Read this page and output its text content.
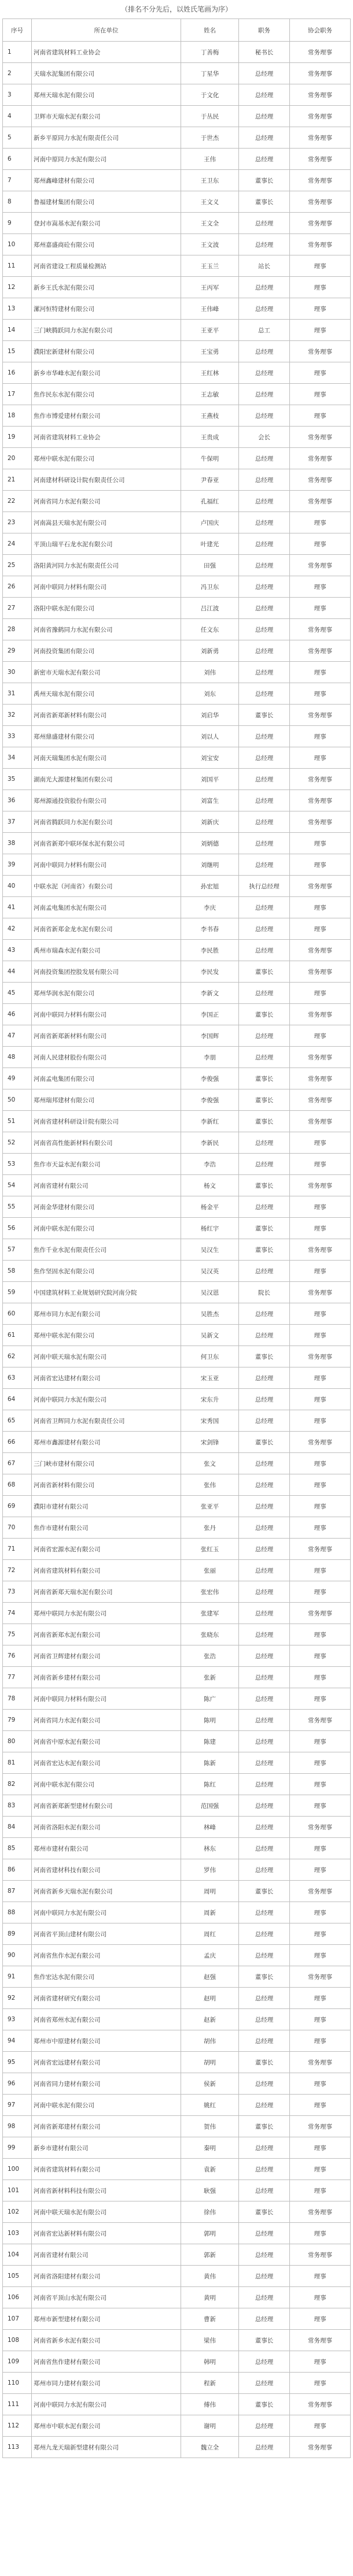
（排名不分先后，以姓氏笔画为序）
序号	所在单位	姓名	职务	协会职务
1	河南省建筑材料工业协会	丁善梅	秘书长	常务理事
2	天瑞水泥集团有限公司	丁星华	总经理	常务理事
3	郑州天瑞水泥有限公司	于文化	总经理	常务理事
4	卫辉市天瑞水泥有限公司	于丛民	总经理	常务理事
5	新乡平原同力水泥有限责任公司	于世杰	总经理	常务理事
6	河南中原同力水泥有限公司	王伟	总经理	常务理事
7	郑州鑫峰建材有限公司	王卫东	董事长	常务理事
8	鲁福建材集团有限公司	王文义	董事长	常务理事
9	登封市嵩基水泥有限公司	王文全	总经理	常务理事
10	郑州嘉盛商砼有限公司	王文波	总经理	常务理事
11	河南省建设工程质量检测站	王玉兰	站长	理事
12	新乡王氏水泥有限公司	王丙军	总经理	理事
13	漯河恒特建材有限公司	王伟峰	总经理	理事
14	三门峡腾跃同力水泥有限公司	王亚平	总工	理事
15	濮阳宏新建材有限公司	王宝勇	总经理	常务理事
16	新乡市华峰水泥有限公司	王红林	总经理	理事
17	焦作民东水泥有限公司	王志敏	总经理	理事
18	焦作市博爱建材有限公司	王燕枝	总经理	理事
19	河南省建筑材料工业协会	王贵成	会长	常务理事
20	郑州中联水泥有限公司	牛保明	总经理	常务理事
21	河南建材科研设计院有限责任公司	尹春亚	总经理	常务理事
22	河南省同力水泥有限公司	孔福红	总经理	常务理事
23	河南嵩县天瑞水泥有限公司	卢国庆	总经理	理事
24	平顶山瑞平石龙水泥有限公司	叶建光	总经理	理事
25	洛阳黄河同力水泥有限责任公司	田强	总经理	常务理事
26	河南中联同力材料有限公司	冯卫东	总经理	理事
27	洛阳中联水泥有限公司	吕江波	总经理	理事
28	河南省豫鹤同力水泥有限公司	任文东	总经理	常务理事
29	河南投资集团有限公司	刘新勇	总经理	常务理事
30	新密市天瑞水泥有限公司	刘伟	总经理	理事
31	禹州天瑞水泥有限公司	刘东	总经理	理事
32	河南省新郑新材料有限公司	刘启华	董事长	常务理事
33	郑州鼎盛建材有限公司	刘以人	总经理	理事
34	河南天瑞集团水泥有限公司	刘宝安	总经理	理事
35	湖南光大源建材集团有限公司	刘国平	总经理	常务理事
36	郑州源通投资股份有限公司	刘富生	总经理	常务理事
37	河南省腾跃同力水泥有限公司	刘新庆	总经理	常务理事
38	河南省新郑中联环保水泥有限公司	刘炳德	总经理	理事
39	河南中联同力材料有限公司	刘继明	总经理	理事
40	中联水泥（河南省）有限公司	孙宏旭	执行总经理	常务理事
41	河南孟电集团水泥有限公司	李庆	总经理	理事
42	河南省新郑金龙水泥有限公司	李书春	总经理	理事
43	禹州市瑞森水泥有限公司	李民胜	总经理	常务理事
44	河南投资集团控股发展有限公司	李民发	董事长	常务理事
45	郑州华润水泥有限公司	李新文	总经理	理事
46	河南中联同力材料有限公司	李国正	董事长	常务理事
47	河南省新郑新材料有限公司	李国辉	总经理	理事
48	河南人民建材股份有限公司	李朋	总经理	常务理事
49	河南孟电集团有限公司	李俊强	董事长	常务理事
50	郑州瑞邦建材有限公司	李俊强	董事长	常务理事
51	河南省建材科研设计院有限公司	李新红	董事长	常务理事
52	河南省高性能新材料有限公司	李新民	总经理	理事
53	焦作市天益水泥有限公司	李浩	总经理	理事
54	河南省建材有限公司	杨文	董事长	常务理事
55	河南金华建材有限公司	杨金平	总经理	理事
56	河南中联水泥有限公司	杨红宇	董事长	理事
57	焦作千业水泥有限责任公司	吴汉生	董事长	常务理事
58	焦作坚固水泥有限公司	吴汉英	总经理	理事
59	中国建筑材料工业规划研究院河南分院	吴汉恩	院长	常务理事
60	郑州市同力水泥有限公司	吴胜杰	总经理	理事
61	郑州中联水泥有限公司	吴新文	总经理	理事
62	河南中联天瑞水泥有限公司	何卫东	董事长	常务理事
63	河南省宏达建材有限公司	宋玉亚	总经理	理事
64	河南中联同力水泥有限公司	宋东升	总经理	理事
65	河南省卫辉同力水泥有限责任公司	宋秀国	总经理	理事
66	郑州市鑫源建材有限公司	宋剑锋	董事长	常务理事
67	三门峡市建材有限公司	张文	总经理	理事
68	河南省新材料有限公司	张伟	总经理	理事
69	濮阳市建材有限公司	张亚平	总经理	理事
70	焦作市建材有限公司	张丹	总经理	理事
71	河南省宏源水泥有限公司	张红玉	总经理	常务理事
72	河南省建筑材料有限公司	张丽	总经理	理事
73	河南省新郑天瑞水泥有限公司	张宏伟	总经理	理事
74	郑州中联同力水泥有限公司	张建军	总经理	常务理事
75	河南省新郑水泥有限公司	张晓东	总经理	理事
76	河南省卫辉建材有限公司	张浩	总经理	理事
77	河南省新乡建材有限公司	张新	总经理	理事
78	河南中联同力材料有限公司	陈广	总经理	理事
79	河南省同力水泥有限公司	陈明	总经理	常务理事
80	河南省中原水泥有限公司	陈建	总经理	理事
81	河南省宏达水泥有限公司	陈新	总经理	理事
82	河南中联水泥有限公司	陈红	总经理	理事
83	河南省新郑新型建材有限公司	范国强	总经理	理事
84	河南省洛阳水泥有限公司	林峰	总经理	常务理事
85	郑州市建材有限公司	林东	总经理	理事
86	河南省建材科技有限公司	罗伟	总经理	理事
87	河南省新乡天瑞水泥有限公司	周明	董事长	常务理事
88	河南中联同力水泥有限公司	周新	总经理	理事
89	河南省平顶山建材有限公司	周红	总经理	理事
90	河南省焦作水泥有限公司	孟庆	总经理	理事
91	焦作宏达水泥有限公司	赵强	董事长	常务理事
92	河南省建材研究有限公司	赵明	总经理	理事
93	河南省郑州水泥有限公司	赵新	总经理	理事
94	郑州市中原建材有限公司	胡伟	总经理	理事
95	河南省宏远建材有限公司	胡明	董事长	常务理事
96	河南省同力建材有限公司	侯新	总经理	理事
97	河南中联水泥有限公司	姚红	总经理	理事
98	河南省新郑建材有限公司	贺伟	董事长	常务理事
99	新乡市建材有限公司	秦明	总经理	理事
100	河南省建筑材料有限公司	袁新	总经理	理事
101	河南省新材料科技有限公司	耿强	总经理	理事
102	河南中联天瑞水泥有限公司	徐伟	董事长	常务理事
103	河南省宏达新材料有限公司	郭明	总经理	理事
104	河南省建材有限公司	郭新	总经理	常务理事
105	河南省洛阳建材有限公司	黄伟	总经理	理事
106	河南省平顶山水泥有限公司	黄明	总经理	理事
107	郑州市新型建材有限公司	曹新	总经理	理事
108	河南省新乡水泥有限公司	梁伟	董事长	常务理事
109	河南省焦作建材有限公司	韩明	总经理	理事
110	郑州市同力建材有限公司	程新	总经理	理事
111	河南中联同力水泥有限公司	傅伟	董事长	常务理事
112	郑州市中联水泥有限公司	谢明	总经理	理事
113	郑州九龙天瑞新型建材有限公司	魏立全	总经理	常务理事
